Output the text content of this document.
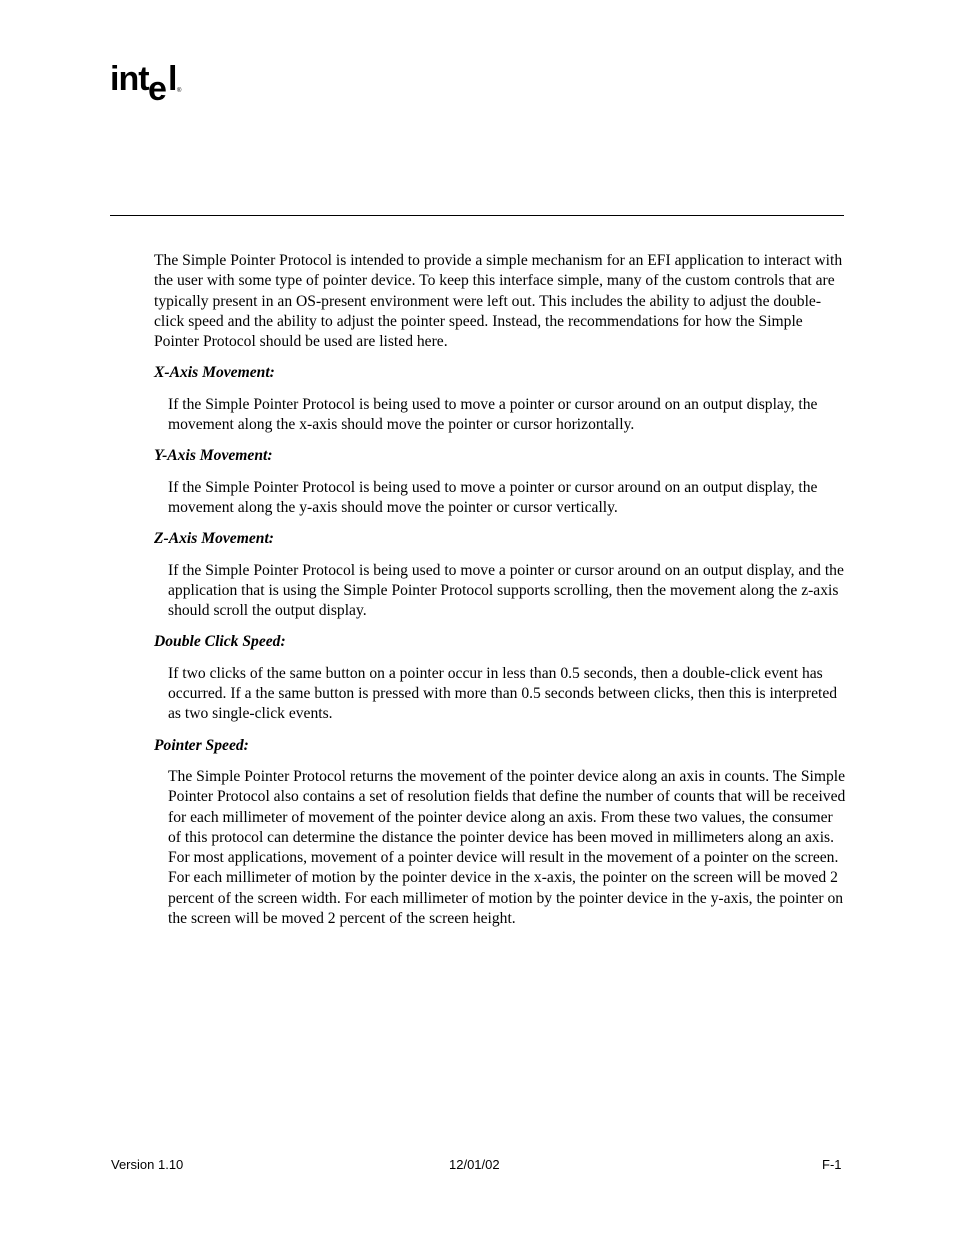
int e l ®

The Simple Pointer Protocol is intended to provide a simple mechanism for an EFI application to interact with the user with some type of pointer device. To keep this interface simple, many of the custom controls that are typically present in an OS-present environment were left out. This includes the ability to adjust the double-click speed and the ability to adjust the pointer speed. Instead, the recommendations for how the Simple Pointer Protocol should be used are listed here.

X-Axis Movement:

If the Simple Pointer Protocol is being used to move a pointer or cursor around on an output display, the movement along the x-axis should move the pointer or cursor horizontally.

Y-Axis Movement:

If the Simple Pointer Protocol is being used to move a pointer or cursor around on an output display, the movement along the y-axis should move the pointer or cursor vertically.

Z-Axis Movement:

If the Simple Pointer Protocol is being used to move a pointer or cursor around on an output display, and the application that is using the Simple Pointer Protocol supports scrolling, then the movement along the z-axis should scroll the output display.

Double Click Speed:

If two clicks of the same button on a pointer occur in less than 0.5 seconds, then a double-click event has occurred. If a the same button is pressed with more than 0.5 seconds between clicks, then this is interpreted as two single-click events.

Pointer Speed:

The Simple Pointer Protocol returns the movement of the pointer device along an axis in counts. The Simple Pointer Protocol also contains a set of resolution fields that define the number of counts that will be received for each millimeter of movement of the pointer device along an axis. From these two values, the consumer of this protocol can determine the distance the pointer device has been moved in millimeters along an axis. For most applications, movement of a pointer device will result in the movement of a pointer on the screen. For each millimeter of motion by the pointer device in the x-axis, the pointer on the screen will be moved 2 percent of the screen width. For each millimeter of motion by the pointer device in the y-axis, the pointer on the screen will be moved 2 percent of the screen height.

Version 1.10	12/01/02	F-1
